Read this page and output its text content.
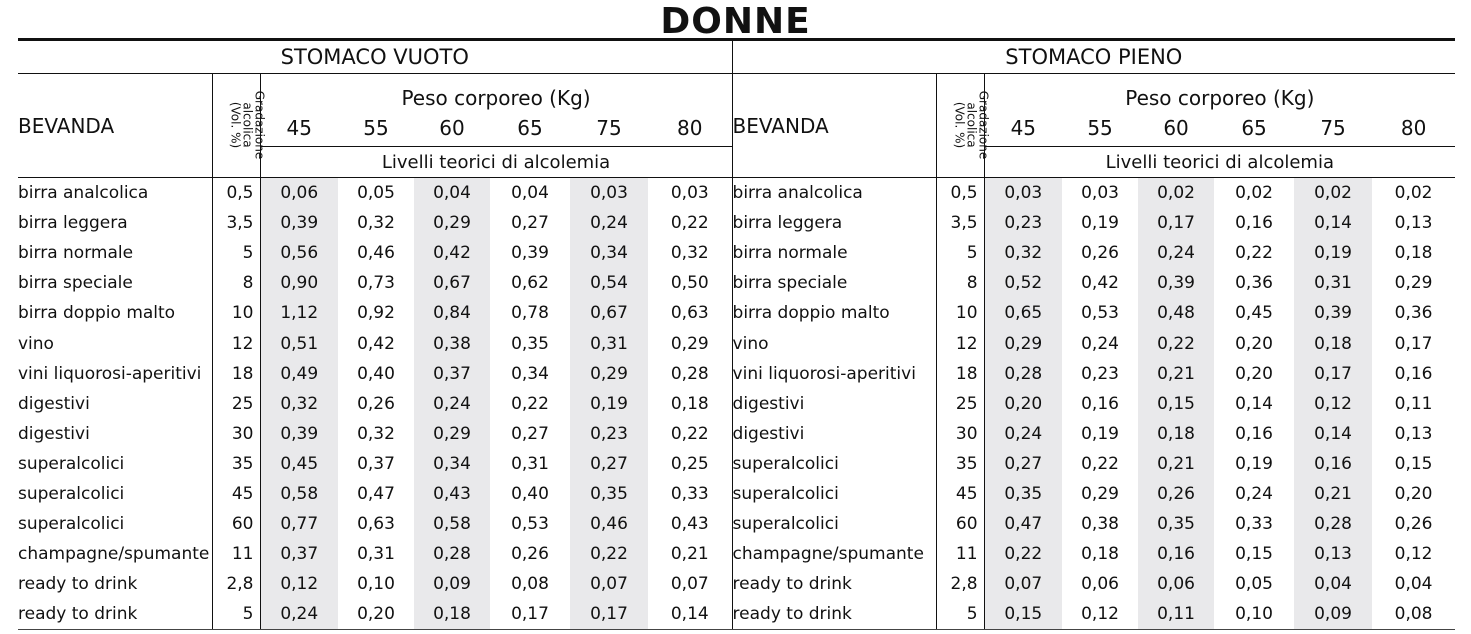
DONNE
STOMACO VUOTO								STOMACO PIENO							
BEVANDA	Gradazione
alcolica
(Vol. %)	Peso corporeo (Kg)						BEVANDA	Gradazione
alcolica
(Vol. %)	Peso corporeo (Kg)					
		45	55	60	65	75	80			45	55	60	65	75	80
		Livelli teorici di alcolemia								Livelli teorici di alcolemia					
birra analcolica	0,5	0,06	0,05	0,04	0,04	0,03	0,03	birra analcolica	0,5	0,03	0,03	0,02	0,02	0,02	0,02
birra leggera	3,5	0,39	0,32	0,29	0,27	0,24	0,22	birra leggera	3,5	0,23	0,19	0,17	0,16	0,14	0,13
birra normale	5	0,56	0,46	0,42	0,39	0,34	0,32	birra normale	5	0,32	0,26	0,24	0,22	0,19	0,18
birra speciale	8	0,90	0,73	0,67	0,62	0,54	0,50	birra speciale	8	0,52	0,42	0,39	0,36	0,31	0,29
birra doppio malto	10	1,12	0,92	0,84	0,78	0,67	0,63	birra doppio malto	10	0,65	0,53	0,48	0,45	0,39	0,36
vino	12	0,51	0,42	0,38	0,35	0,31	0,29	vino	12	0,29	0,24	0,22	0,20	0,18	0,17
vini liquorosi-aperitivi	18	0,49	0,40	0,37	0,34	0,29	0,28	vini liquorosi-aperitivi	18	0,28	0,23	0,21	0,20	0,17	0,16
digestivi	25	0,32	0,26	0,24	0,22	0,19	0,18	digestivi	25	0,20	0,16	0,15	0,14	0,12	0,11
digestivi	30	0,39	0,32	0,29	0,27	0,23	0,22	digestivi	30	0,24	0,19	0,18	0,16	0,14	0,13
superalcolici	35	0,45	0,37	0,34	0,31	0,27	0,25	superalcolici	35	0,27	0,22	0,21	0,19	0,16	0,15
superalcolici	45	0,58	0,47	0,43	0,40	0,35	0,33	superalcolici	45	0,35	0,29	0,26	0,24	0,21	0,20
superalcolici	60	0,77	0,63	0,58	0,53	0,46	0,43	superalcolici	60	0,47	0,38	0,35	0,33	0,28	0,26
champagne/spumante	11	0,37	0,31	0,28	0,26	0,22	0,21	champagne/spumante	11	0,22	0,18	0,16	0,15	0,13	0,12
ready to drink	2,8	0,12	0,10	0,09	0,08	0,07	0,07	ready to drink	2,8	0,07	0,06	0,06	0,05	0,04	0,04
ready to drink	5	0,24	0,20	0,18	0,17	0,17	0,14	ready to drink	5	0,15	0,12	0,11	0,10	0,09	0,08
